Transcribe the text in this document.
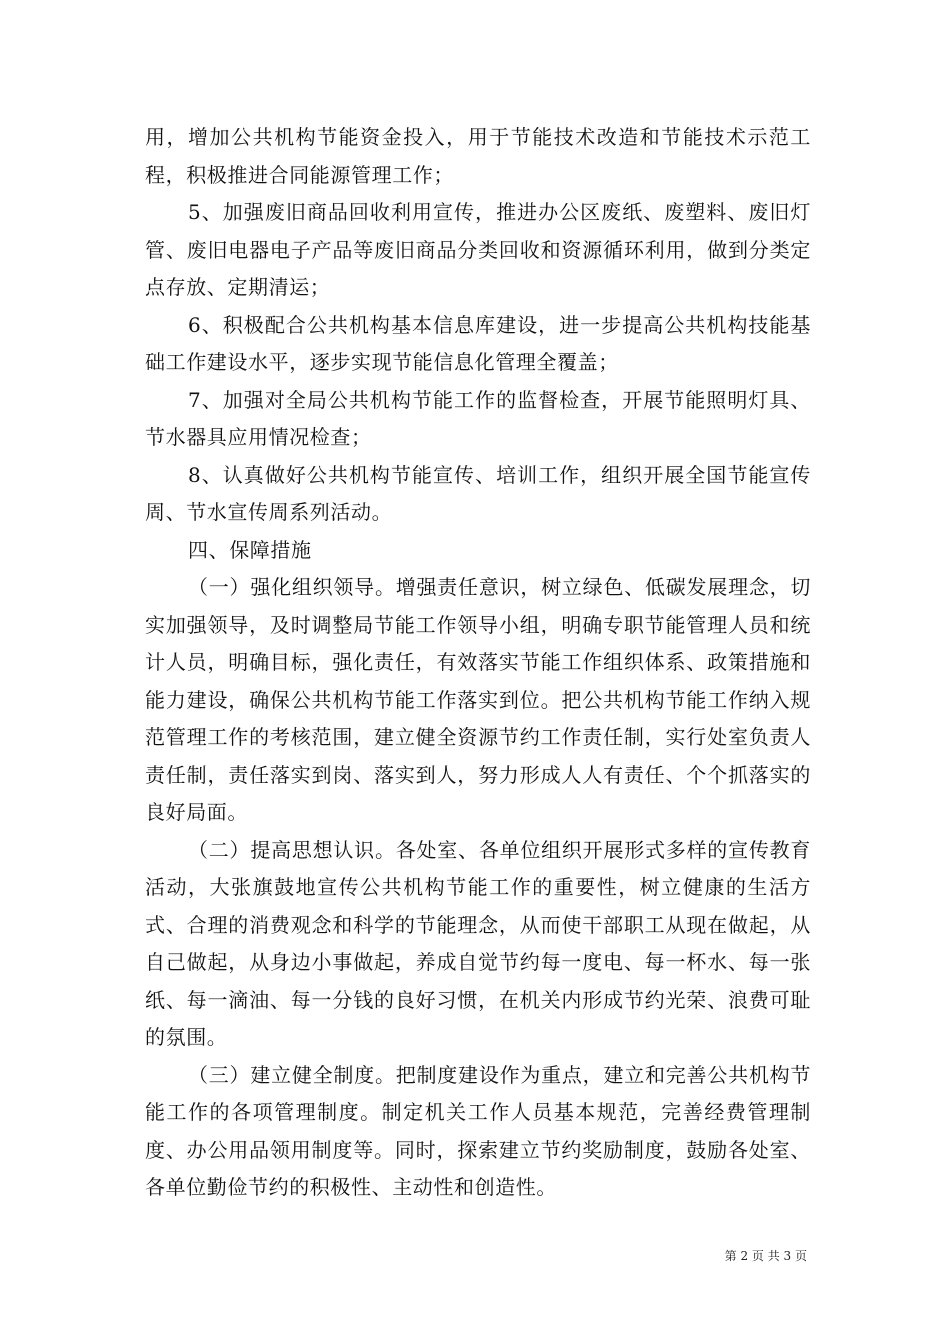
用，增加公共机构节能资金投入，用于节能技术改造和节能技术示范工程，积极推进合同能源管理工作；

5、加强废旧商品回收利用宣传，推进办公区废纸、废塑料、废旧灯管、废旧电器电子产品等废旧商品分类回收和资源循环利用，做到分类定点存放、定期清运；

6、积极配合公共机构基本信息库建设，进一步提高公共机构技能基础工作建设水平，逐步实现节能信息化管理全覆盖；

7、加强对全局公共机构节能工作的监督检查，开展节能照明灯具、节水器具应用情况检查；

8、认真做好公共机构节能宣传、培训工作，组织开展全国节能宣传周、节水宣传周系列活动。

四、保障措施

（一）强化组织领导。增强责任意识，树立绿色、低碳发展理念，切实加强领导，及时调整局节能工作领导小组，明确专职节能管理人员和统计人员，明确目标，强化责任，有效落实节能工作组织体系、政策措施和能力建设，确保公共机构节能工作落实到位。把公共机构节能工作纳入规范管理工作的考核范围，建立健全资源节约工作责任制，实行处室负责人责任制，责任落实到岗、落实到人，努力形成人人有责任、个个抓落实的良好局面。

（二）提高思想认识。各处室、各单位组织开展形式多样的宣传教育活动，大张旗鼓地宣传公共机构节能工作的重要性，树立健康的生活方式、合理的消费观念和科学的节能理念，从而使干部职工从现在做起，从自己做起，从身边小事做起，养成自觉节约每一度电、每一杯水、每一张纸、每一滴油、每一分钱的良好习惯，在机关内形成节约光荣、浪费可耻的氛围。

（三）建立健全制度。把制度建设作为重点，建立和完善公共机构节能工作的各项管理制度。制定机关工作人员基本规范，完善经费管理制度、办公用品领用制度等。同时，探索建立节约奖励制度，鼓励各处室、各单位勤俭节约的积极性、主动性和创造性。

第 2 页 共 3 页
